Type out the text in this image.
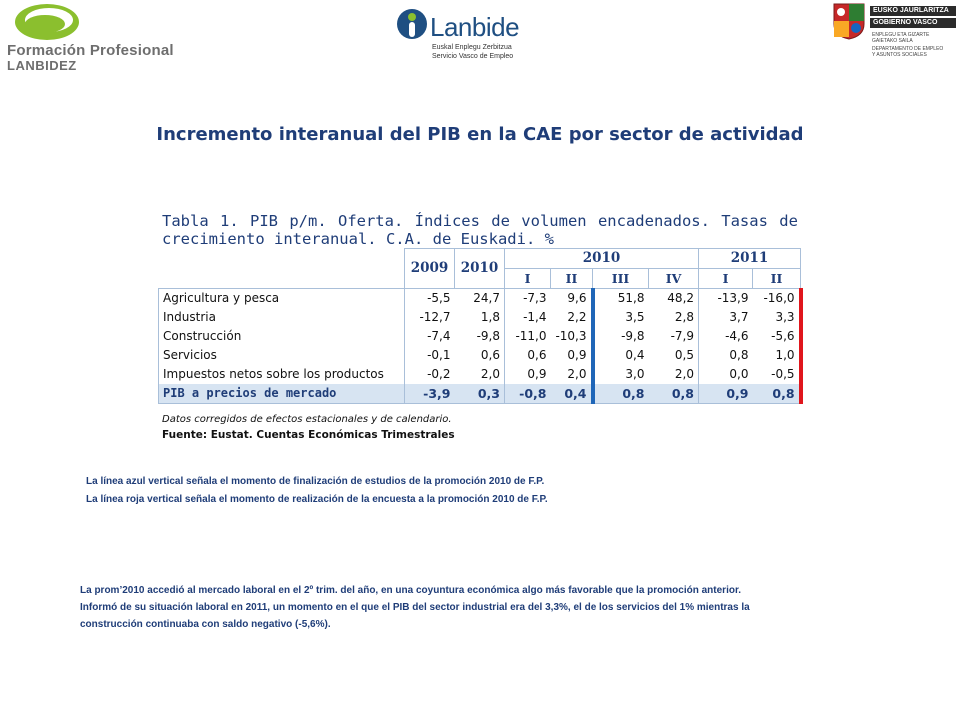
Formación Profesional
LANBIDEZ
Lanbide
Euskal Enplegu Zerbitzua
Servicio Vasco de Empleo
EUSKO JAURLARITZA
GOBIERNO VASCO
ENPLEGU ETA GIZARTE
GAIETAKO SAILA
DEPARTAMENTO DE EMPLEO
Y ASUNTOS SOCIALES
Incremento interanual del PIB en la CAE por sector de actividad
Tabla 1. PIB p/m. Oferta. Índices de volumen encadenados. Tasas de
crecimiento interanual. C.A. de Euskadi. %
	2009	2010	2010				2011	
			I	II	III	IV	I	II
Agricultura y pesca	-5,5	24,7	-7,3	9,6	51,8	48,2	-13,9	-16,0
Industria	-12,7	1,8	-1,4	2,2	3,5	2,8	3,7	3,3
Construcción	-7,4	-9,8	-11,0	-10,3	-9,8	-7,9	-4,6	-5,6
Servicios	-0,1	0,6	0,6	0,9	0,4	0,5	0,8	1,0
Impuestos netos sobre los productos	-0,2	2,0	0,9	2,0	3,0	2,0	0,0	-0,5
PIB a precios de mercado	-3,9	0,3	-0,8	0,4	0,8	0,8	0,9	0,8
Datos corregidos de efectos estacionales y de calendario.
Fuente: Eustat. Cuentas Económicas Trimestrales
La línea azul vertical señala el momento de finalización de estudios de la promoción 2010 de F.P.
La línea roja vertical señala el momento de realización de la encuesta a la promoción 2010 de F.P.

La prom’2010 accedió al mercado laboral en el 2º trim. del año, en una coyuntura económica algo más favorable que la promoción anterior.

Informó de su situación laboral en 2011, un momento en el que el PIB del sector industrial era del 3,3%, el de los servicios del 1% mientras la

construcción continuaba con saldo negativo (-5,6%).
